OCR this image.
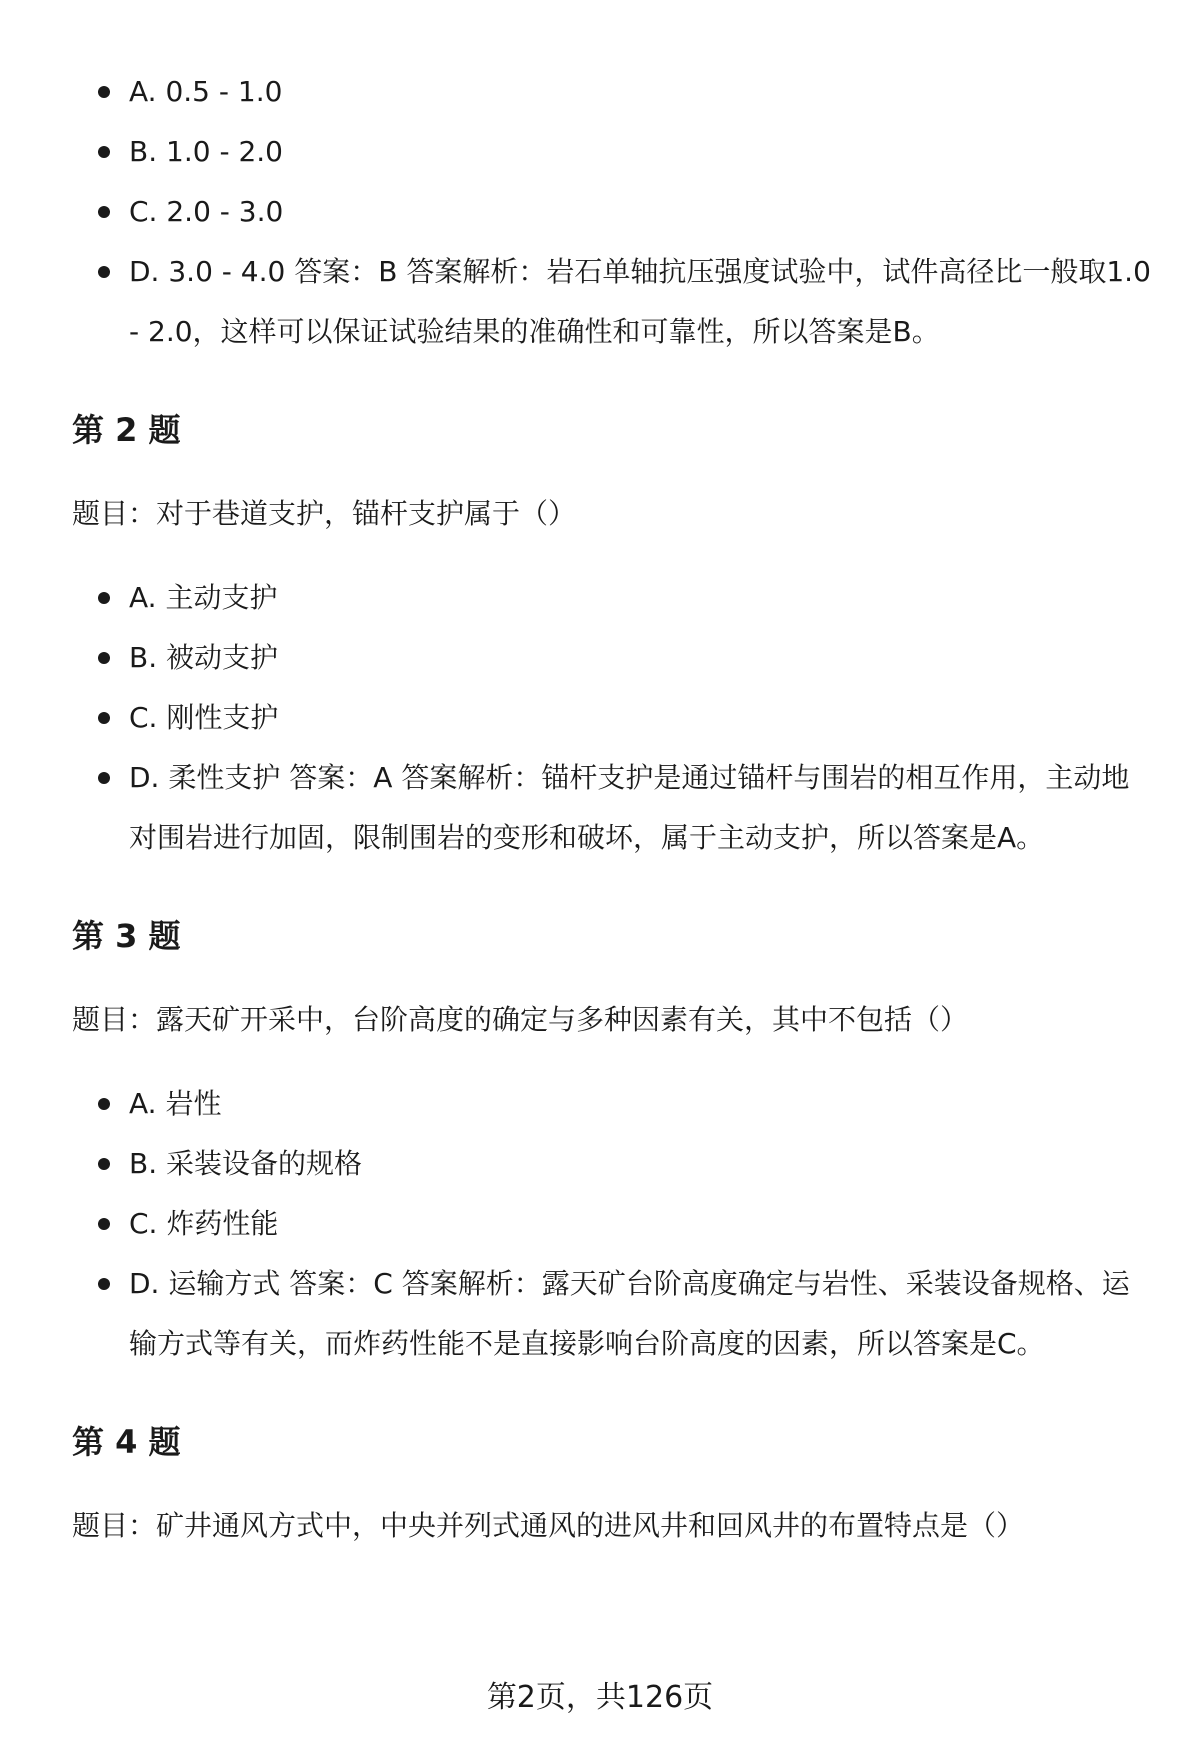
A. 0.5 - 1.0
B. 1.0 - 2.0
C. 2.0 - 3.0
D. 3.0 - 4.0 答案：B 答案解析：岩石单轴抗压强度试验中，试件高径比一般取1.0 - 2.0，这样可以保证试验结果的准确性和可靠性，所以答案是B。
第 2 题

题目：对于巷道支护，锚杆支护属于（）

A. 主动支护
B. 被动支护
C. 刚性支护
D. 柔性支护 答案：A 答案解析：锚杆支护是通过锚杆与围岩的相互作用，主动地对围岩进行加固，限制围岩的变形和破坏，属于主动支护，所以答案是A。
第 3 题

题目：露天矿开采中，台阶高度的确定与多种因素有关，其中不包括（）

A. 岩性
B. 采装设备的规格
C. 炸药性能
D. 运输方式 答案：C 答案解析：露天矿台阶高度确定与岩性、采装设备规格、运输方式等有关，而炸药性能不是直接影响台阶高度的因素，所以答案是C。
第 4 题

题目：矿井通风方式中，中央并列式通风的进风井和回风井的布置特点是（）

第2页，共126页
